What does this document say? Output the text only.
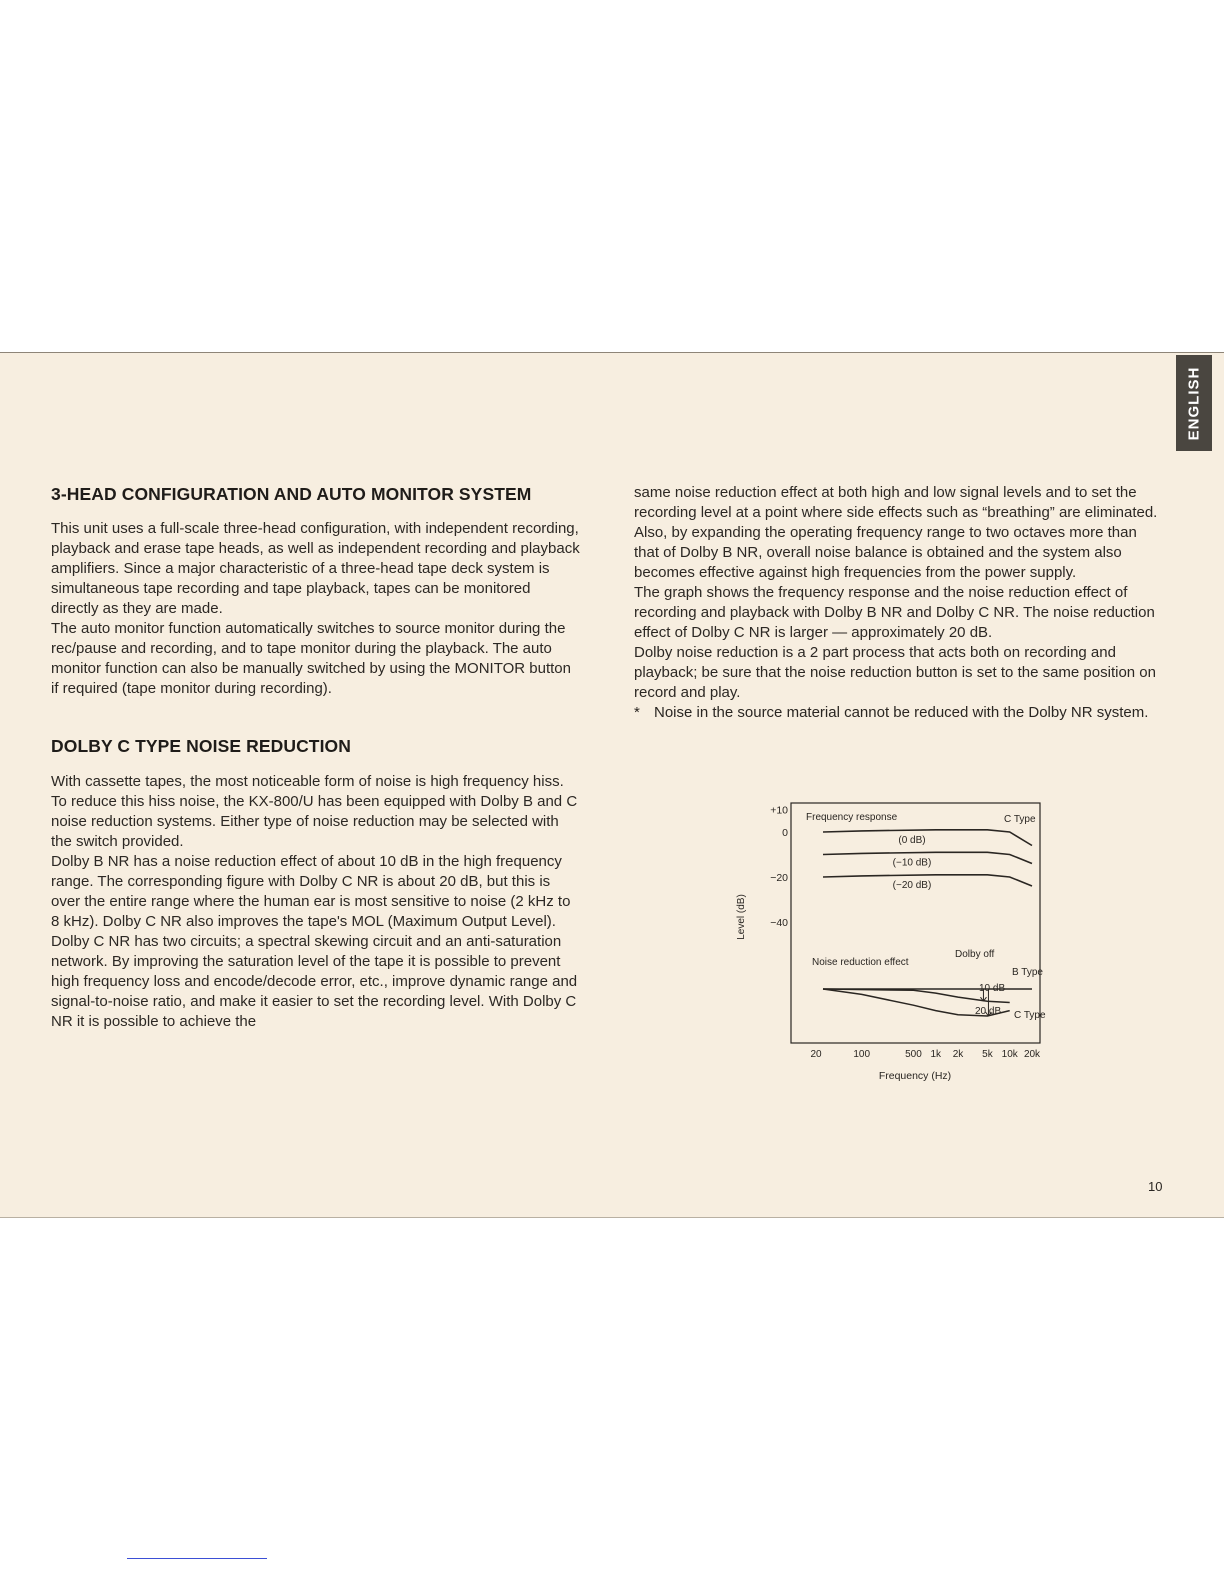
ENGLISH
3-HEAD CONFIGURATION AND AUTO MONITOR SYSTEM

This unit uses a full-scale three-head configuration, with independent recording, playback and erase tape heads, as well as independent recording and playback amplifiers. Since a major characteristic of a three-head tape deck system is simultaneous tape recording and tape playback, tapes can be monitored directly as they are made.

The auto monitor function automatically switches to source monitor during the rec/pause and recording, and to tape monitor during the playback. The auto monitor function can also be manually switched by using the MONITOR button if required (tape monitor during recording).

DOLBY C TYPE NOISE REDUCTION

With cassette tapes, the most noticeable form of noise is high frequency hiss. To reduce this hiss noise, the KX-800/U has been equipped with Dolby B and C noise reduction systems. Either type of noise reduction may be selected with the switch provided.

Dolby B NR has a noise reduction effect of about 10 dB in the high frequency range. The corresponding figure with Dolby C NR is about 20 dB, but this is over the entire range where the human ear is most sensitive to noise (2 kHz to 8 kHz). Dolby C NR also improves the tape's MOL (Maximum Output Level).

Dolby C NR has two circuits; a spectral skewing circuit and an anti-saturation network. By improving the saturation level of the tape it is possible to prevent high frequency loss and encode/decode error, etc., improve dynamic range and signal-to-noise ratio, and make it easier to set the recording level. With Dolby C NR it is possible to achieve the

same noise reduction effect at both high and low signal levels and to set the recording level at a point where side effects such as “breathing” are eliminated. Also, by expanding the operating frequency range to two octaves more than that of Dolby B NR, overall noise balance is obtained and the system also becomes effective against high frequencies from the power supply.

The graph shows the frequency response and the noise reduction effect of recording and playback with Dolby B NR and Dolby C NR. The noise reduction effect of Dolby C NR is larger — approximately 20 dB.

Dolby noise reduction is a 2 part process that acts both on recording and playback; be sure that the noise reduction button is set to the same position on record and play.

* Noise in the source material cannot be reduced with the Dolby NR system.
+10
0
−20
−40
20	100	500 1k 2k 5k 10k 20k
Level (dB)
Frequency (Hz)
Frequency response	C Type
(0 dB)
(−10 dB)
(−20 dB)
Noise reduction effect
Dolby off
B Type
C Type
10 dB
20 dB
10
